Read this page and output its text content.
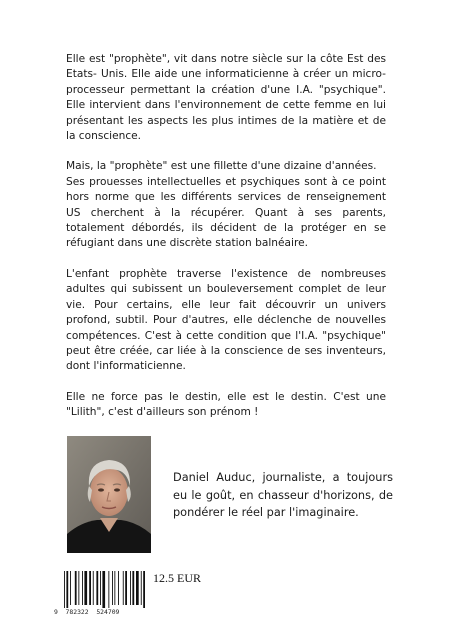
Elle est "prophète", vit dans notre siècle sur la côte Est des Etats- Unis. Elle aide une informaticienne à créer un micro-processeur permettant la création d'une I.A. "psychique". Elle intervient dans l'environnement de cette femme en lui présentant les aspects les plus intimes de la matière et de la conscience.

Mais, la "prophète" est une fillette d'une dizaine d'années.

Ses prouesses intellectuelles et psychiques sont à ce point hors norme que les différents services de renseignement US cherchent à la récupérer. Quant à ses parents, totalement débordés, ils décident de la protéger en se réfugiant dans une discrète station balnéaire.

L'enfant prophète traverse l'existence de nombreuses adultes qui subissent un bouleversement complet de leur vie. Pour certains, elle leur fait découvrir un univers profond, subtil. Pour d'autres, elle déclenche de nouvelles compétences. C'est à cette condition que l'I.A. "psychique" peut être créée, car liée à la conscience de ses inventeurs, dont l'informaticienne.

Elle ne force pas le destin, elle est le destin. C'est une "Lilith", c'est d'ailleurs son prénom !

Daniel Auduc, journaliste, a toujours eu le goût, en chasseur d'horizons, de pondérer le réel par l'imaginaire.
9  782322  524709
12.5 EUR
